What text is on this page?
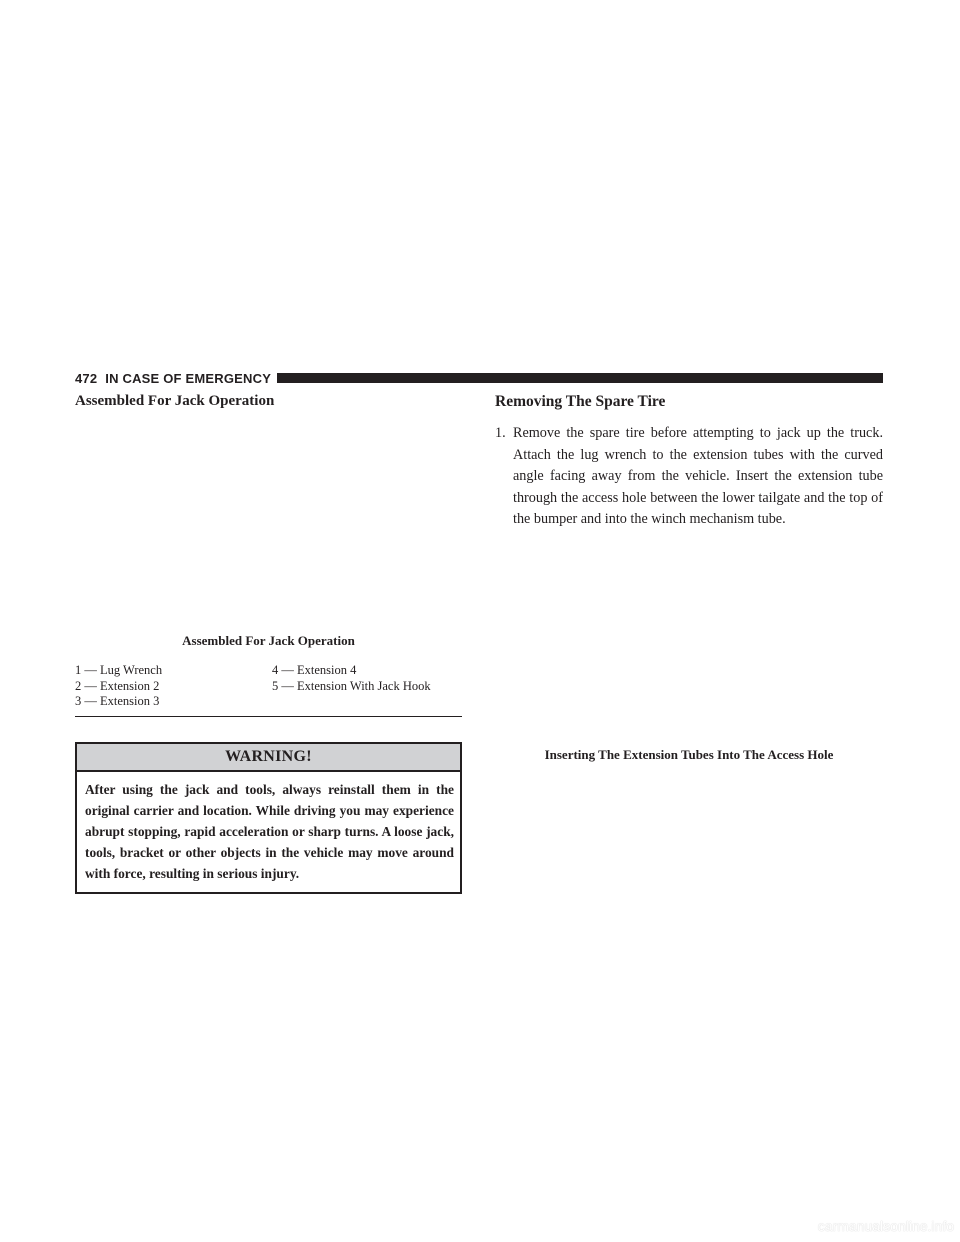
472 IN CASE OF EMERGENCY
Assembled For Jack Operation
Assembled For Jack Operation
1 — Lug Wrench	4 — Extension 4
2 — Extension 2	5 — Extension With Jack Hook
3 — Extension 3
WARNING!
After using the jack and tools, always reinstall them in the original carrier and location. While driving you may experience abrupt stopping, rapid acceleration or sharp turns. A loose jack, tools, bracket or other objects in the vehicle may move around with force, resulting in serious injury.
Removing The Spare Tire
1. Remove the spare tire before attempting to jack up the truck. Attach the lug wrench to the extension tubes with the curved angle facing away from the vehicle. Insert the extension tube through the access hole between the lower tailgate and the top of the bumper and into the winch mechanism tube.
Inserting The Extension Tubes Into The Access Hole
carmanualsonline.info
